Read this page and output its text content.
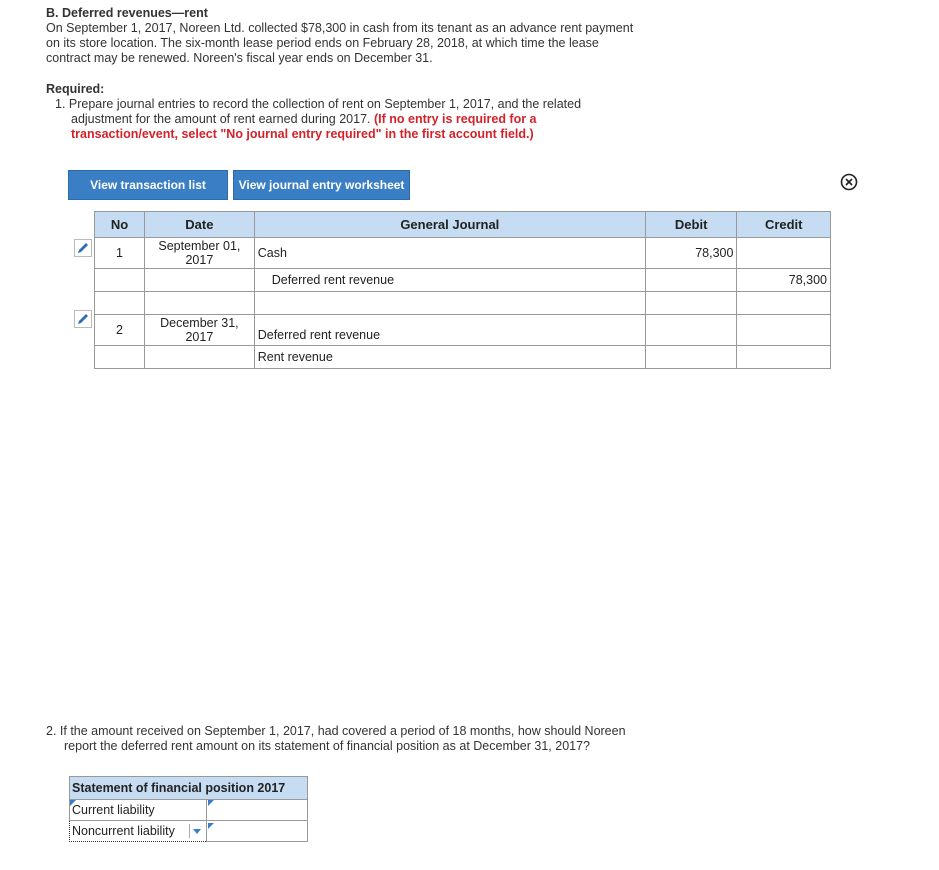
B. Deferred revenues—rent
On September 1, 2017, Noreen Ltd. collected $78,300 in cash from its tenant as an advance rent payment
on its store location. The six-month lease period ends on February 28, 2018, at which time the lease
contract may be renewed. Noreen's fiscal year ends on December 31.
Required:
1. Prepare journal entries to record the collection of rent on September 1, 2017, and the related
adjustment for the amount of rent earned during 2017. (If no entry is required for a
transaction/event, select "No journal entry required" in the first account field.)
View transaction list	View journal entry worksheet
No	Date	General Journal	Debit	Credit
1	September 01,
2017	Cash	78,300	
		Deferred rent revenue		78,300

2	December 31,
2017	Deferred rent revenue		
		Rent revenue		
2. If the amount received on September 1, 2017, had covered a period of 18 months, how should Noreen
report the deferred rent amount on its statement of financial position as at December 31, 2017?
Statement of financial position 2017	
Current liability	

Noncurrent liability	
